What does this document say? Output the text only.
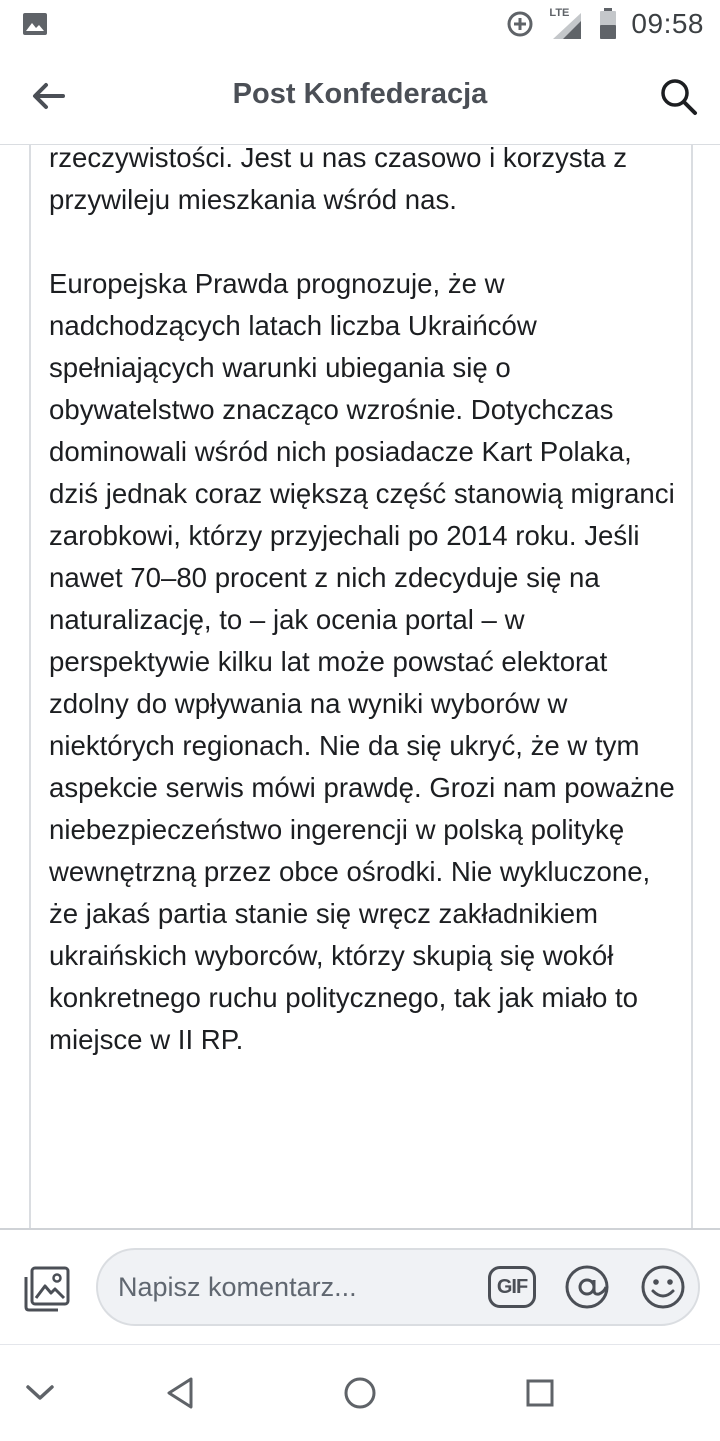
LTE 09:58
Post Konfederacja

rzeczywistości. Jest u nas czasowo i korzysta z przywileju mieszkania wśród nas.

Europejska Prawda prognozuje, że w nadchodzących latach liczba Ukraińców spełniających warunki ubiegania się o obywatelstwo znacząco wzrośnie. Dotychczas dominowali wśród nich posiadacze Kart Polaka, dziś jednak coraz większą część stanowią migranci zarobkowi, którzy przyjechali po 2014 roku. Jeśli nawet 70–80 procent z nich zdecyduje się na naturalizację, to – jak ocenia portal – w perspektywie kilku lat może powstać elektorat zdolny do wpływania na wyniki wyborów w niektórych regionach. Nie da się ukryć, że w tym aspekcie serwis mówi prawdę. Grozi nam poważne niebezpieczeństwo ingerencji w polską politykę wewnętrzną przez obce ośrodki. Nie wykluczone, że jakaś partia stanie się wręcz zakładnikiem ukraińskich wyborców, którzy skupią się wokół konkretnego ruchu politycznego, tak jak miało to miejsce w II RP.

Napisz komentarz...
GIF
